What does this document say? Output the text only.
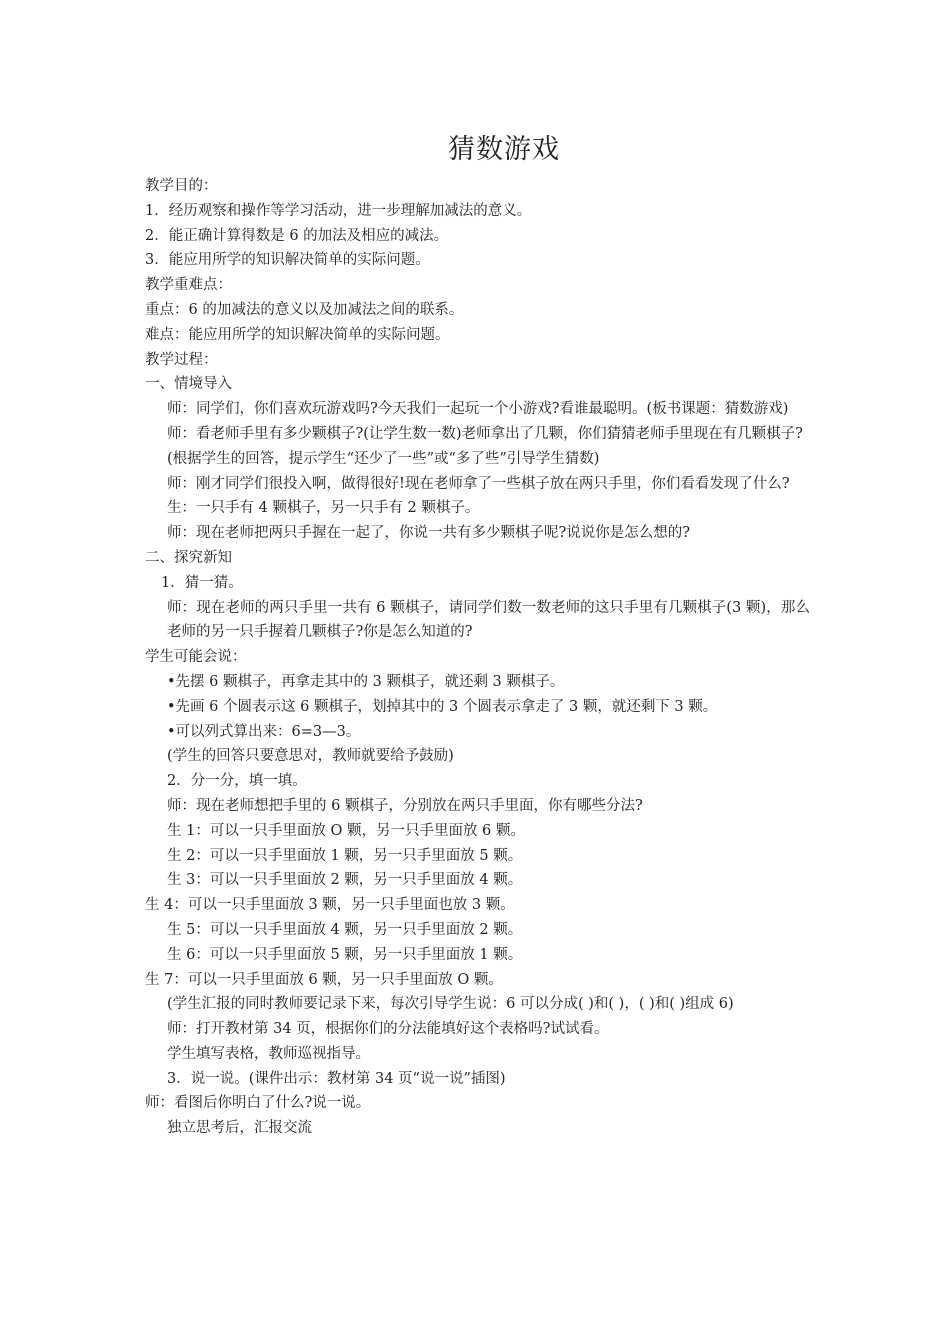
猜数游戏

教学目的：

1．经历观察和操作等学习活动，进一步理解加减法的意义。

2．能正确计算得数是 6 的加法及相应的减法。

3．能应用所学的知识解决简单的实际问题。

教学重难点：

重点：6 的加减法的意义以及加减法之间的联系。

难点：能应用所学的知识解决简单的实际问题。

教学过程：

一、情境导入

师：同学们，你们喜欢玩游戏吗?今天我们一起玩一个小游戏?看谁最聪明。(板书课题：猜数游戏)

师：看老师手里有多少颗棋子?(让学生数一数)老师拿出了几颗，你们猜猜老师手里现在有几颗棋子?

(根据学生的回答，提示学生“还少了一些”或“多了些”引导学生猜数)

师：刚才同学们很投入啊，做得很好!现在老师拿了一些棋子放在两只手里，你们看看发现了什么?

生：一只手有 4 颗棋子，另一只手有 2 颗棋子。

师：现在老师把两只手握在一起了，你说一共有多少颗棋子呢?说说你是怎么想的?

二、探究新知

1．猜一猜。

师：现在老师的两只手里一共有 6 颗棋子，请同学们数一数老师的这只手里有几颗棋子(3 颗)，那么老师的另一只手握着几颗棋子?你是怎么知道的?

学生可能会说：

•先摆 6 颗棋子，再拿走其中的 3 颗棋子，就还剩 3 颗棋子。

•先画 6 个圆表示这 6 颗棋子，划掉其中的 3 个圆表示拿走了 3 颗，就还剩下 3 颗。

•可以列式算出来：6=3—3。

(学生的回答只要意思对，教师就要给予鼓励)

2．分一分，填一填。

师：现在老师想把手里的 6 颗棋子，分别放在两只手里面，你有哪些分法?

生 1：可以一只手里面放 O 颗，另一只手里面放 6 颗。

生 2：可以一只手里面放 1 颗，另一只手里面放 5 颗。

生 3：可以一只手里面放 2 颗，另一只手里面放 4 颗。

生 4：可以一只手里面放 3 颗，另一只手里面也放 3 颗。

生 5：可以一只手里面放 4 颗，另一只手里面放 2 颗。

生 6：可以一只手里面放 5 颗，另一只手里面放 1 颗。

生 7：可以一只手里面放 6 颗，另一只手里面放 O 颗。

(学生汇报的同时教师要记录下来，每次引导学生说：6 可以分成( )和( )，( )和( )组成 6)

师：打开教材第 34 页，根据你们的分法能填好这个表格吗?试试看。

学生填写表格，教师巡视指导。

3．说一说。(课件出示：教材第 34 页“说一说”插图)

师：看图后你明白了什么?说一说。

独立思考后，汇报交流
